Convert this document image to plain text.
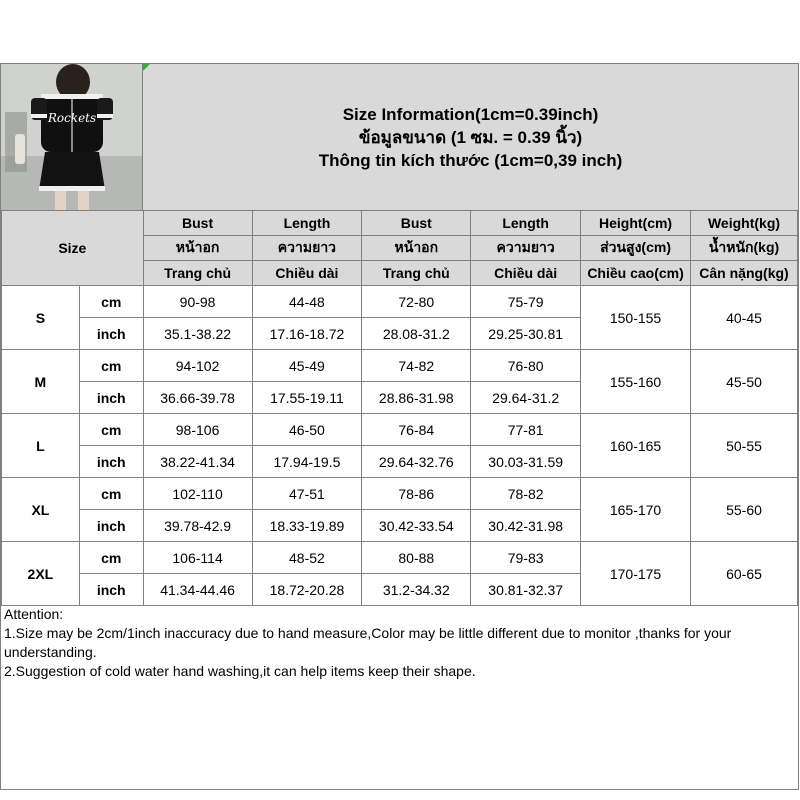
Rockets	Size Information(1cm=0.39inch)
ข้อมูลขนาด (1 ซม. = 0.39 นิ้ว)
Thông tin kích thước (1cm=0,39 inch)
Size		Bust	Length	Bust	Length	Height(cm)	Weight(kg)
		หน้าอก	ความยาว	หน้าอก	ความยาว	ส่วนสูง(cm)	น้ำหนัก(kg)
		Trang chủ	Chiều dài	Trang chủ	Chiều dài	Chiều cao(cm)	Cân nặng(kg)
S	cm	90-98	44-48	72-80	75-79	150-155	40-45
	inch	35.1-38.22	17.16-18.72	28.08-31.2	29.25-30.81		
M	cm	94-102	45-49	74-82	76-80	155-160	45-50
	inch	36.66-39.78	17.55-19.11	28.86-31.98	29.64-31.2		
L	cm	98-106	46-50	76-84	77-81	160-165	50-55
	inch	38.22-41.34	17.94-19.5	29.64-32.76	30.03-31.59		
XL	cm	102-110	47-51	78-86	78-82	165-170	55-60
	inch	39.78-42.9	18.33-19.89	30.42-33.54	30.42-31.98		
2XL	cm	106-114	48-52	80-88	79-83	170-175	60-65
	inch	41.34-44.46	18.72-20.28	31.2-34.32	30.81-32.37		
Attention:
1.Size may be 2cm/1inch inaccuracy due to hand measure,Color may be little different due to monitor ,thanks for your understanding.
2.Suggestion of cold water hand washing,it can help items keep their shape.
